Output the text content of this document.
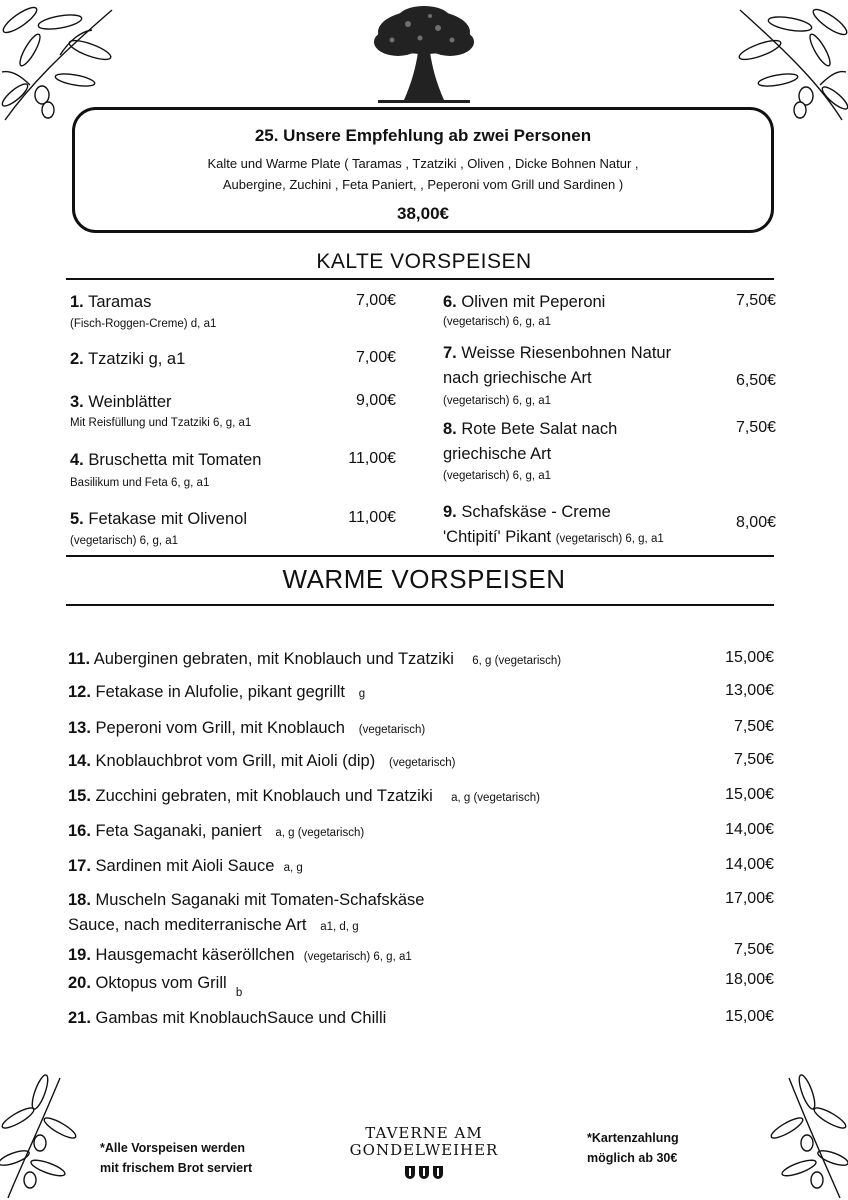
25. Unsere Empfehlung ab zwei Personen
Kalte und Warme Plate ( Taramas , Tzatziki , Oliven , Dicke Bohnen Natur ,
Aubergine, Zuchini , Feta Paniert, , Peperoni vom Grill und Sardinen )
38,00€
KALTE VORSPEISEN
1. Taramas
(Fisch-Roggen-Creme) d, a1
7,00€
2. Tzatziki g, a1	7,00€
3. Weinblätter
Mit Reisfüllung und Tzatziki 6, g, a1
9,00€
4. Bruschetta mit Tomaten
Basilikum und Feta 6, g, a1
11,00€
5. Fetakase mit Olivenol
(vegetarisch) 6, g, a1
11,00€
6. Oliven mit Peperoni
(vegetarisch) 6, g, a1
7,50€
7. Weisse Riesenbohnen Natur
nach griechische Art
(vegetarisch) 6, g, a1
6,50€
8. Rote Bete Salat nach
griechische Art
(vegetarisch) 6, g, a1
7,50€
9. Schafskäse - Creme
'Chtipití' Pikant (vegetarisch) 6, g, a1
8,00€
WARME VORSPEISEN
11. Auberginen gebraten, mit Knoblauch und Tzatziki 6, g (vegetarisch)	15,00€
12. Fetakase in Alufolie, pikant gegrillt g	13,00€
13. Peperoni vom Grill, mit Knoblauch (vegetarisch)	7,50€
14. Knoblauchbrot vom Grill, mit Aioli (dip) (vegetarisch)	7,50€
15. Zucchini gebraten, mit Knoblauch und Tzatziki a, g (vegetarisch)	15,00€
16. Feta Saganaki, paniert a, g (vegetarisch)	14,00€
17. Sardinen mit Aioli Sauce a, g	14,00€
18. Muscheln Saganaki mit Tomaten-Schafskäse
Sauce, nach mediterranische Art a1, d, g
17,00€
19. Hausgemacht käseröllchen (vegetarisch) 6, g, a1	7,50€
20. Oktopus vom Grill  $_b$
18,00€
21. Gambas mit KnoblauchSauce und Chilli	15,00€
*Alle Vorspeisen werden
mit frischem Brot serviert
TAVERNE AM
GONDELWEIHER
*Kartenzahlung
möglich ab 30€
